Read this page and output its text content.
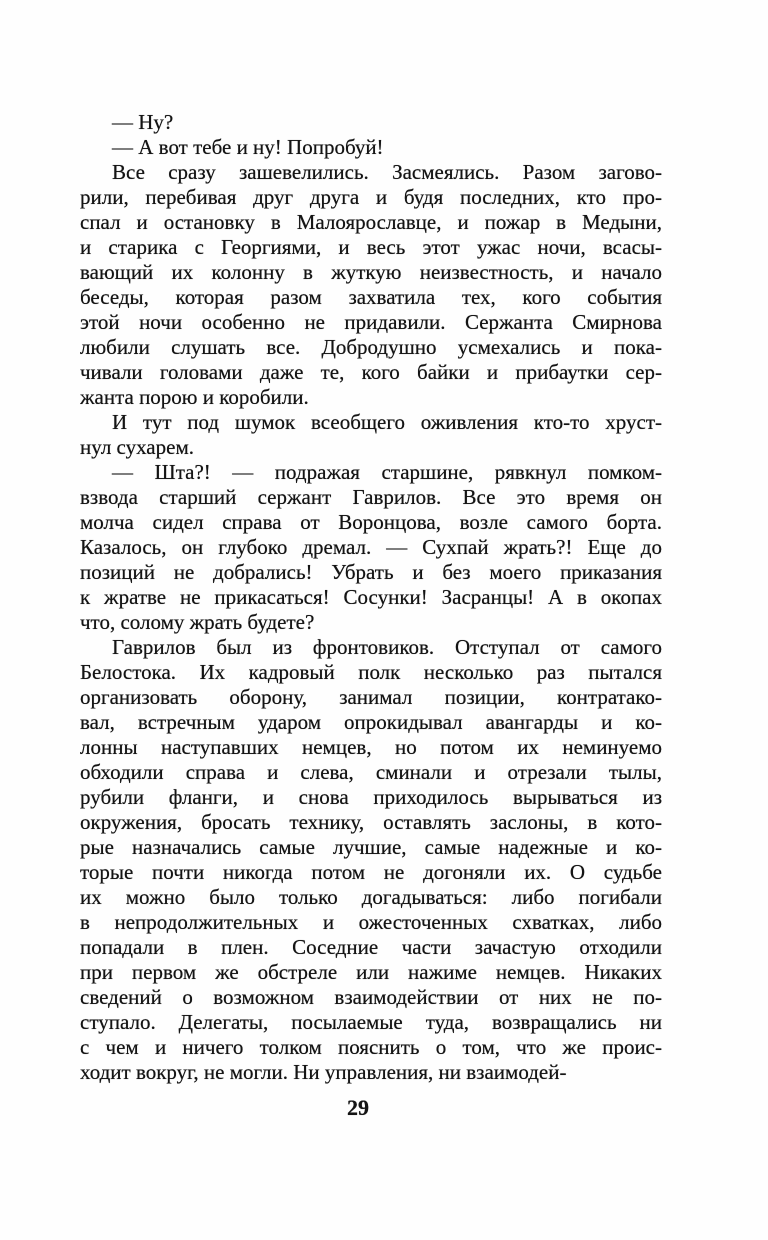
— Ну?
— А вот тебе и ну! Попробуй!
Все сразу зашевелились. Засмеялись. Разом загово-
рили, перебивая друг друга и будя последних, кто про-
спал и остановку в Малоярославце, и пожар в Медыни,
и старика с Георгиями, и весь этот ужас ночи, всасы-
вающий их колонну в жуткую неизвестность, и начало
беседы, которая разом захватила тех, кого события
этой ночи особенно не придавили. Сержанта Смирнова
любили слушать все. Добродушно усмехались и пока-
чивали головами даже те, кого байки и прибаутки сер-
жанта порою и коробили.
И тут под шумок всеобщего оживления кто-то хруст-
нул сухарем.
— Шта?! — подражая старшине, рявкнул помком-
взвода старший сержант Гаврилов. Все это время он
молча сидел справа от Воронцова, возле самого борта.
Казалось, он глубоко дремал. — Сухпай жрать?! Еще до
позиций не добрались! Убрать и без моего приказания
к жратве не прикасаться! Сосунки! Засранцы! А в окопах
что, солому жрать будете?
Гаврилов был из фронтовиков. Отступал от самого
Белостока. Их кадровый полк несколько раз пытался
организовать оборону, занимал позиции, контратако-
вал, встречным ударом опрокидывал авангарды и ко-
лонны наступавших немцев, но потом их неминуемо
обходили справа и слева, сминали и отрезали тылы,
рубили фланги, и снова приходилось вырываться из
окружения, бросать технику, оставлять заслоны, в кото-
рые назначались самые лучшие, самые надежные и ко-
торые почти никогда потом не догоняли их. О судьбе
их можно было только догадываться: либо погибали
в непродолжительных и ожесточенных схватках, либо
попадали в плен. Соседние части зачастую отходили
при первом же обстреле или нажиме немцев. Никаких
сведений о возможном взаимодействии от них не по-
ступало. Делегаты, посылаемые туда, возвращались ни
с чем и ничего толком пояснить о том, что же проис-
ходит вокруг, не могли. Ни управления, ни взаимодей-
29
